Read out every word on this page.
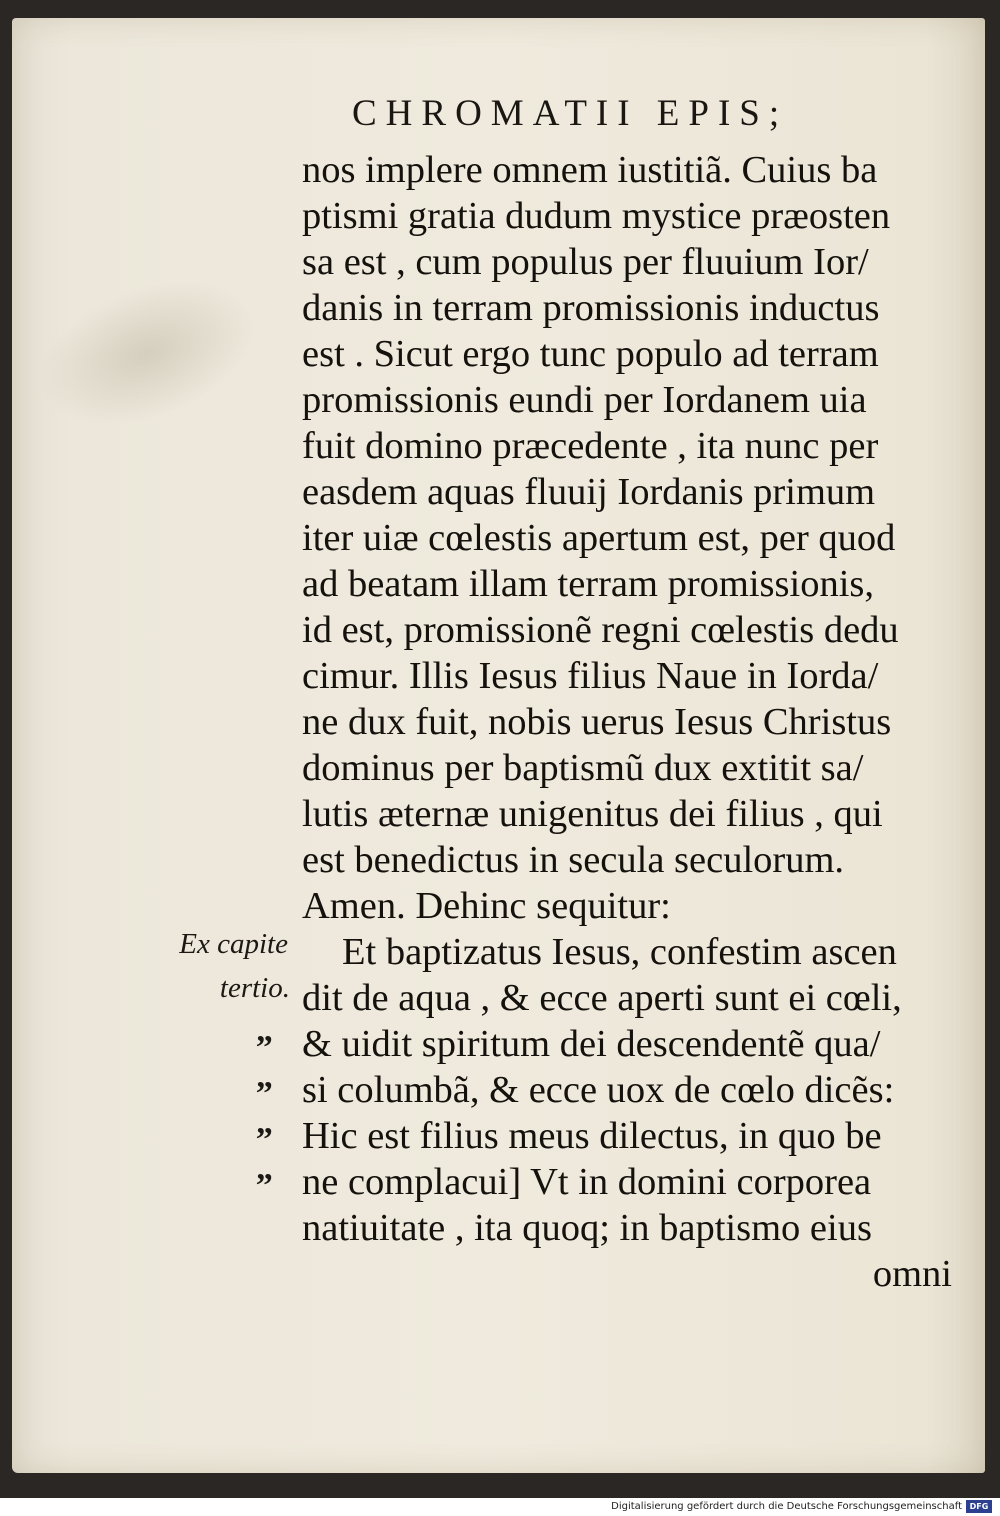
CHROMATII EPIS;
nos implere omnem iustitiã. Cuius ba
ptismi gratia dudum mystice præosten
sa est , cum populus per fluuium Ior/
danis in terram promissionis inductus
est . Sicut ergo tunc populo ad terram
promissionis eundi per Iordanem uia
fuit domino præcedente , ita nunc per
easdem aquas fluuij Iordanis primum
iter uiæ cœlestis apertum est, per quod
ad beatam illam terram promissionis,
id est, promissionẽ regni cœlestis dedu
cimur. Illis Iesus filius Naue in Iorda/
ne dux fuit, nobis uerus Iesus Christus
dominus per baptismũ dux extitit sa/
lutis æternæ unigenitus dei filius , qui
est benedictus in secula seculorum.
Amen. Dehinc sequitur:
Et baptizatus Iesus, confestim ascen
dit de aqua , & ecce aperti sunt ei cœli,
& uidit spiritum dei descendentẽ qua/
si columbã, & ecce uox de cœlo dicẽs:
Hic est filius meus dilectus, in quo be
ne complacui] Vt in domini corporea
natiuitate , ita quoq; in baptismo eius
omni
Ex capite
tertio.
„
„
„
„
Digitalisierung gefördert durch die Deutsche Forschungsgemeinschaft DFG
